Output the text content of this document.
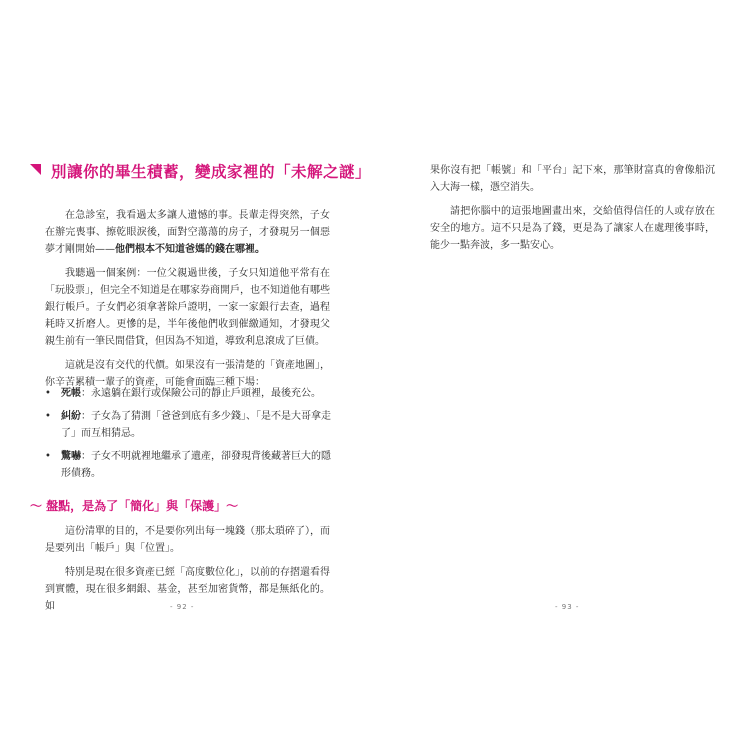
別讓你的畢生積蓄，變成家裡的「未解之謎」

在急診室，我看過太多讓人遺憾的事。長輩走得突然，子女在辦完喪事、擦乾眼淚後，面對空蕩蕩的房子，才發現另一個惡夢才剛開始——他們根本不知道爸媽的錢在哪裡。

我聽過一個案例：一位父親過世後，子女只知道他平常有在「玩股票」，但完全不知道是在哪家券商開戶，也不知道他有哪些銀行帳戶。子女們必須拿著除戶證明，一家一家銀行去查，過程耗時又折磨人。更慘的是，半年後他們收到催繳通知，才發現父親生前有一筆民間借貸，但因為不知道，導致利息滾成了巨債。

這就是沒有交代的代價。如果沒有一張清楚的「資產地圖」，你辛苦累積一輩子的資產，可能會面臨三種下場：

•	死帳：永遠躺在銀行或保險公司的靜止戶頭裡，最後充公。
•	糾紛：子女為了猜測「爸爸到底有多少錢」、「是不是大哥拿走了」而互相猜忌。
•	驚嚇：子女不明就裡地繼承了遺產，卻發現背後藏著巨大的隱形債務。
～ 盤點，是為了「簡化」與「保護」～

這份清單的目的，不是要你列出每一塊錢（那太瑣碎了），而是要列出「帳戶」與「位置」。

特別是現在很多資產已經「高度數位化」，以前的存摺還看得到實體，現在很多網銀、基金，甚至加密貨幣，都是無紙化的。如	- 92 -

果你沒有把「帳號」和「平台」記下來，那筆財富真的會像船沉入大海一樣，憑空消失。

請把你腦中的這張地圖畫出來，交給值得信任的人或存放在安全的地方。這不只是為了錢，更是為了讓家人在處理後事時，能少一點奔波，多一點安心。

- 93 -
